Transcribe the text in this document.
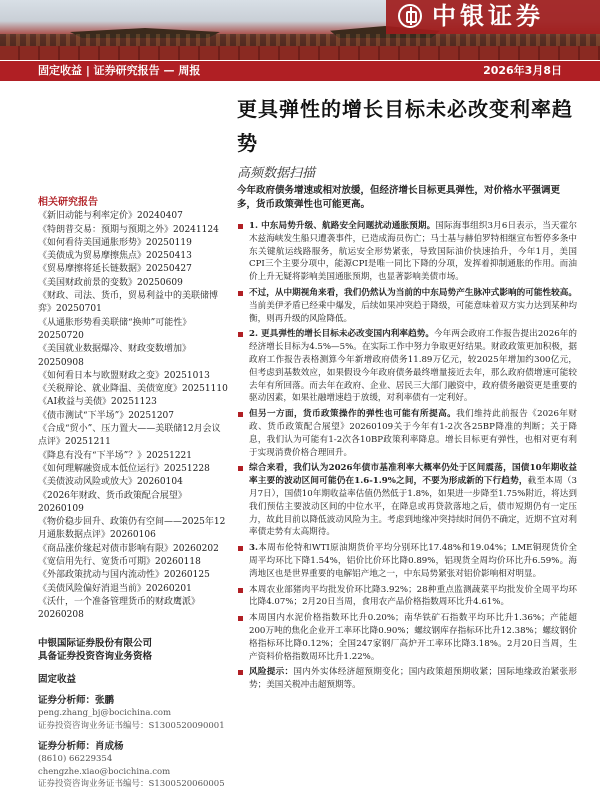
中银证券
固定收益 | 证券研究报告 — 周报	2026年3月8日
更具弹性的增长目标未必改变利率趋势
高频数据扫描
今年政府债务增速或相对放缓，但经济增长目标更具弹性，对价格水平强调更多，货币政策弹性也可能更高。
相关研究报告
《新旧动能与利率定价》20240407
《特朗普交易：预期与预期之外》20241124
《如何看待美国通胀形势》20250119
《美债成为贸易摩擦焦点》20250413
《贸易摩擦将延长链数据》20250427
《美国财政前景的变数》20250609
《财政、司法、货币，贸易利益中的美联储博弈》20250701
《从通胀形势看美联储“换帅”可能性》20250720
《美国就业数据爆冷、财政变数增加》20250908
《如何看日本与欧盟财政之变》20251013
《关税辩论、就业降温、美债宽度》20251110
《AI救益与美债》20251123
《债市测试“下半场”》20251207
《合成“贸小”、压力置大——美联储12月会议点评》20251211
《降息有没有“下半场”？》20251221
《如何理解融资成本低位运行》20251228
《美债波动风险或放大》20260104
《2026年财政、货币政策配合展望》20260109
《物价稳步回升、政策仍有空间——2025年12月通胀数据点评》20260106
《商品涨价缘起对债市影响有限》20260202
《宽信用先行、宽货币可期》20260118
《外部政策扰动与国内流动性》20260125
《美债风险偏好消退当前》20260201
《沃什，一个准备管理货币的财政鹰派》20260208
中银国际证券股份有限公司
具备证券投资咨询业务资格
固定收益
证券分析师：张鹏
peng.zhang_bj@bocichina.com
证券投资咨询业务证书编号：S1300520090001
证券分析师：肖成杨
(8610) 66229354
chengzhe.xiao@bocichina.com
证券投资咨询业务证书编号：S1300520060005
1. 中东局势升级、航路安全问题扰动通胀预期。国际海事组织3月6日表示，当天霍尔木兹海峡发生船只遭袭事件，已造成海员伤亡；马士基与赫伯罗特相继宣布暂停多条中东关键航运线路服务，航运安全形势紧张，导致国际油价快速抬升，今年1月，美国CPI三个主要分项中，能源CPI是唯一同比下降的分项，发挥着抑制通胀的作用。而油价上升无疑将影响美国通胀预期，也显著影响美债市场。
不过，从中期视角来看，我们仍然认为当前的中东局势产生脉冲式影响的可能性较高。当前美伊矛盾已经乘中爆发，后续如果冲突趋于降级，可能意味着双方实力达到某种均衡，则再升级的风险降低。
2. 更具弹性的增长目标未必改变国内利率趋势。今年两会政府工作报告提出2026年的经济增长目标为4.5%—5%。在实际工作中努力争取更好结果。财政政策更加积极，据政府工作报告表格测算今年新增政府债务11.89万亿元，较2025年增加约300亿元，但考虑到基数效应，如果假设今年政府债务最终增量接近去年，那么政府债增速可能较去年有所回落。而去年在政府、企业、居民三大部门融资中，政府债务融资更是重要的驱动因素，如果社融增速趋于放缓，对利率债有一定利好。
但另一方面，货币政策操作的弹性也可能有所提高。我们维持此前报告《2026年财政、货币政策配合展望》20260109关于今年有1-2次各25BP降准的判断；关于降息，我们认为可能有1-2次各10BP政策利率降息。增长目标更有弹性，也相对更有利于实现消费价格合理回升。
综合来看，我们认为2026年债市基准利率大概率仍处于区间震荡，国债10年期收益率主要的波动区间可能仍在1.6-1.9%之间，不要为形成新的下行趋势，截至本周（3月7日），国债10年期收益率估值仍然低于1.8%，如果进一步降至1.75%附近，将达到我们预估主要波动区间的中位水平，在降息或再贷款落地之后，债市短期仍有一定压力，故此目前以降低波动风险为主。考虑到地缘冲突持续时间仍不确定，近期不宜对利率债走势有太高期待。
3.本周布伦特和WTI原油期货价平均分别环比17.48%和19.04%；LME铜现货价全周平均环比下降1.54%，铝价比价环比降0.89%，铝现货全周均价环比升6.59%。海湾地区也是世界重要的电解铝产地之一，中东局势紧张对铝价影响相对明显。
本周农业部猪肉平均批发价环比降3.92%；28种重点监测蔬菜平均批发价全周平均环比降4.07%；2月20日当周，食用农产品价格指数周环比升4.61%。
本周国内水泥价格指数环比升0.20%；南华铁矿石指数平均环比升1.36%；产能超200万吨的焦化企业开工率环比降0.90%；螺纹钢库存指标环比升12.38%；螺纹钢价格指标环比降0.12%；全国247家钢厂高炉开工率环比降3.18%。2月20日当周，生产资料价格指数周环比升1.22%。
风险提示：国内外实体经济超预期变化；国内政策超预期收紧；国际地缘政治紧张形势；美国关税冲击超预期等。
